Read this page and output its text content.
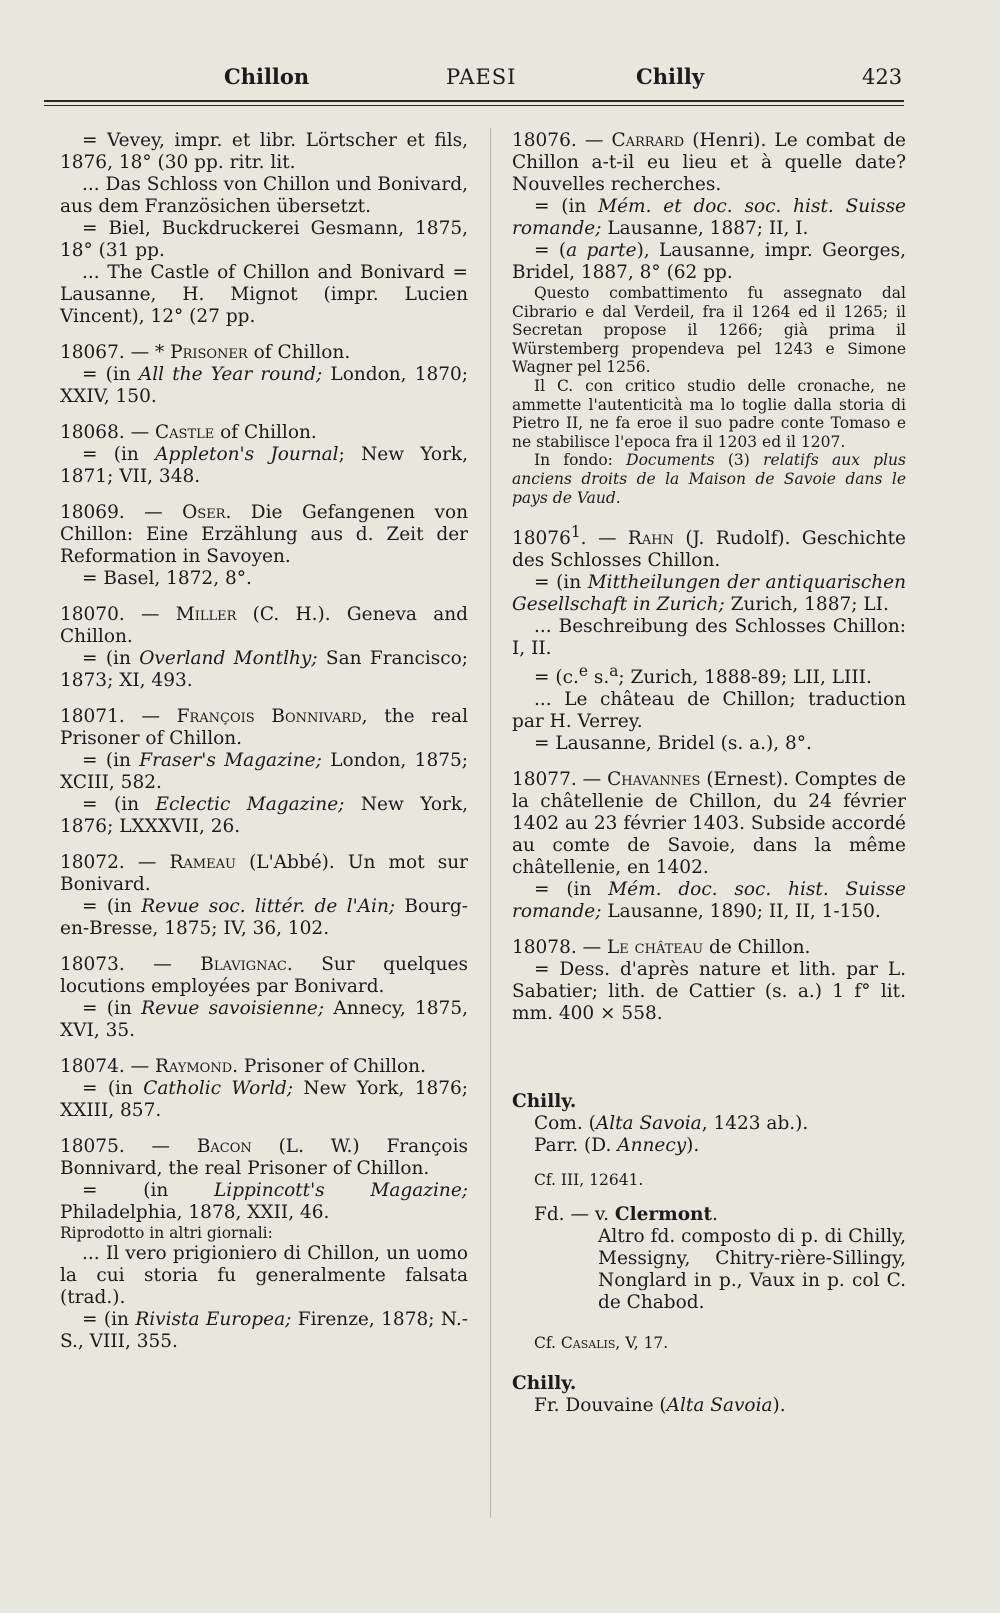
Chillon	PAESI	Chilly	423

= Vevey, impr. et libr. Lörtscher et fils, 1876, 18° (30 pp. ritr. lit.

... Das Schloss von Chillon und Bonivard, aus dem Französichen übersetzt.

= Biel, Buckdruckerei Gesmann, 1875, 18° (31 pp.

... The Castle of Chillon and Bonivard = Lausanne, H. Mignot (impr. Lucien Vincent), 12° (27 pp.

18067. — * Prisoner of Chillon.

= (in All the Year round; London, 1870; XXIV, 150.

18068. — Castle of Chillon.

= (in Appleton's Journal; New York, 1871; VII, 348.

18069. — Oser. Die Gefangenen von Chillon: Eine Erzählung aus d. Zeit der Reformation in Savoyen.

= Basel, 1872, 8°.

18070. — Miller (C. H.). Geneva and Chillon.

= (in Overland Montlhy; San Francisco; 1873; XI, 493.

18071. — François Bonnivard, the real Prisoner of Chillon.

= (in Fraser's Magazine; London, 1875; XCIII, 582.

= (in Eclectic Magazine; New York, 1876; LXXXVII, 26.

18072. — Rameau (L'Abbé). Un mot sur Bonivard.

= (in Revue soc. littér. de l'Ain; Bourg-en-Bresse, 1875; IV, 36, 102.

18073. — Blavignac. Sur quelques locutions employées par Bonivard.

= (in Revue savoisienne; Annecy, 1875, XVI, 35.

18074. — Raymond. Prisoner of Chillon.

= (in Catholic World; New York, 1876; XXIII, 857.

18075. — Bacon (L. W.) François Bonnivard, the real Prisoner of Chillon.

= (in Lippincott's Magazine; Philadelphia, 1878, XXII, 46.

Riprodotto in altri giornali:

... Il vero prigioniero di Chillon, un uomo la cui storia fu generalmente falsata (trad.).

= (in Rivista Europea; Firenze, 1878; N.-S., VIII, 355.

18076. — Carrard (Henri). Le combat de Chillon a-t-il eu lieu et à quelle date? Nouvelles recherches.

= (in Mém. et doc. soc. hist. Suisse romande; Lausanne, 1887; II, I.

= (a parte), Lausanne, impr. Georges, Bridel, 1887, 8° (62 pp.

Questo combattimento fu assegnato dal Cibrario e dal Verdeil, fra il 1264 ed il 1265; il Secretan propose il 1266; già prima il Würstemberg propendeva pel 1243 e Simone Wagner pel 1256.

Il C. con critico studio delle cronache, ne ammette l'autenticità ma lo toglie dalla storia di Pietro II, ne fa eroe il suo padre conte Tomaso e ne stabilisce l'epoca fra il 1203 ed il 1207.

In fondo: Documents (3) relatifs aux plus anciens droits de la Maison de Savoie dans le pays de Vaud.

18076$^1$. — Rahn (J. Rudolf). Geschichte des Schlosses Chillon.

= (in Mittheilungen der antiquarischen Gesellschaft in Zurich; Zurich, 1887; LI.

... Beschreibung des Schlosses Chillon: I, II.

= (c.$^e$ s.$^a$; Zurich, 1888-89; LII, LIII.

... Le château de Chillon; traduction par H. Verrey.

= Lausanne, Bridel (s. a.), 8°.

18077. — Chavannes (Ernest). Comptes de la châtellenie de Chillon, du 24 février 1402 au 23 février 1403. Subside accordé au comte de Savoie, dans la même châtellenie, en 1402.

= (in Mém. doc. soc. hist. Suisse romande; Lausanne, 1890; II, II, 1-150.

18078. — Le château de Chillon.

= Dess. d'après nature et lith. par L. Sabatier; lith. de Cattier (s. a.) 1 f° lit. mm. 400 × 558.

Chilly.

Com. (Alta Savoia, 1423 ab.).

Parr. (D. Annecy).

Cf. III, 12641.

Fd. — v. Clermont.

Altro fd. composto di p. di Chilly, Messigny, Chitry-rière-Sillingy, Nonglard in p., Vaux in p. col C. de Chabod.

Cf. Casalis, V, 17.

Chilly.

Fr. Douvaine (Alta Savoia).
